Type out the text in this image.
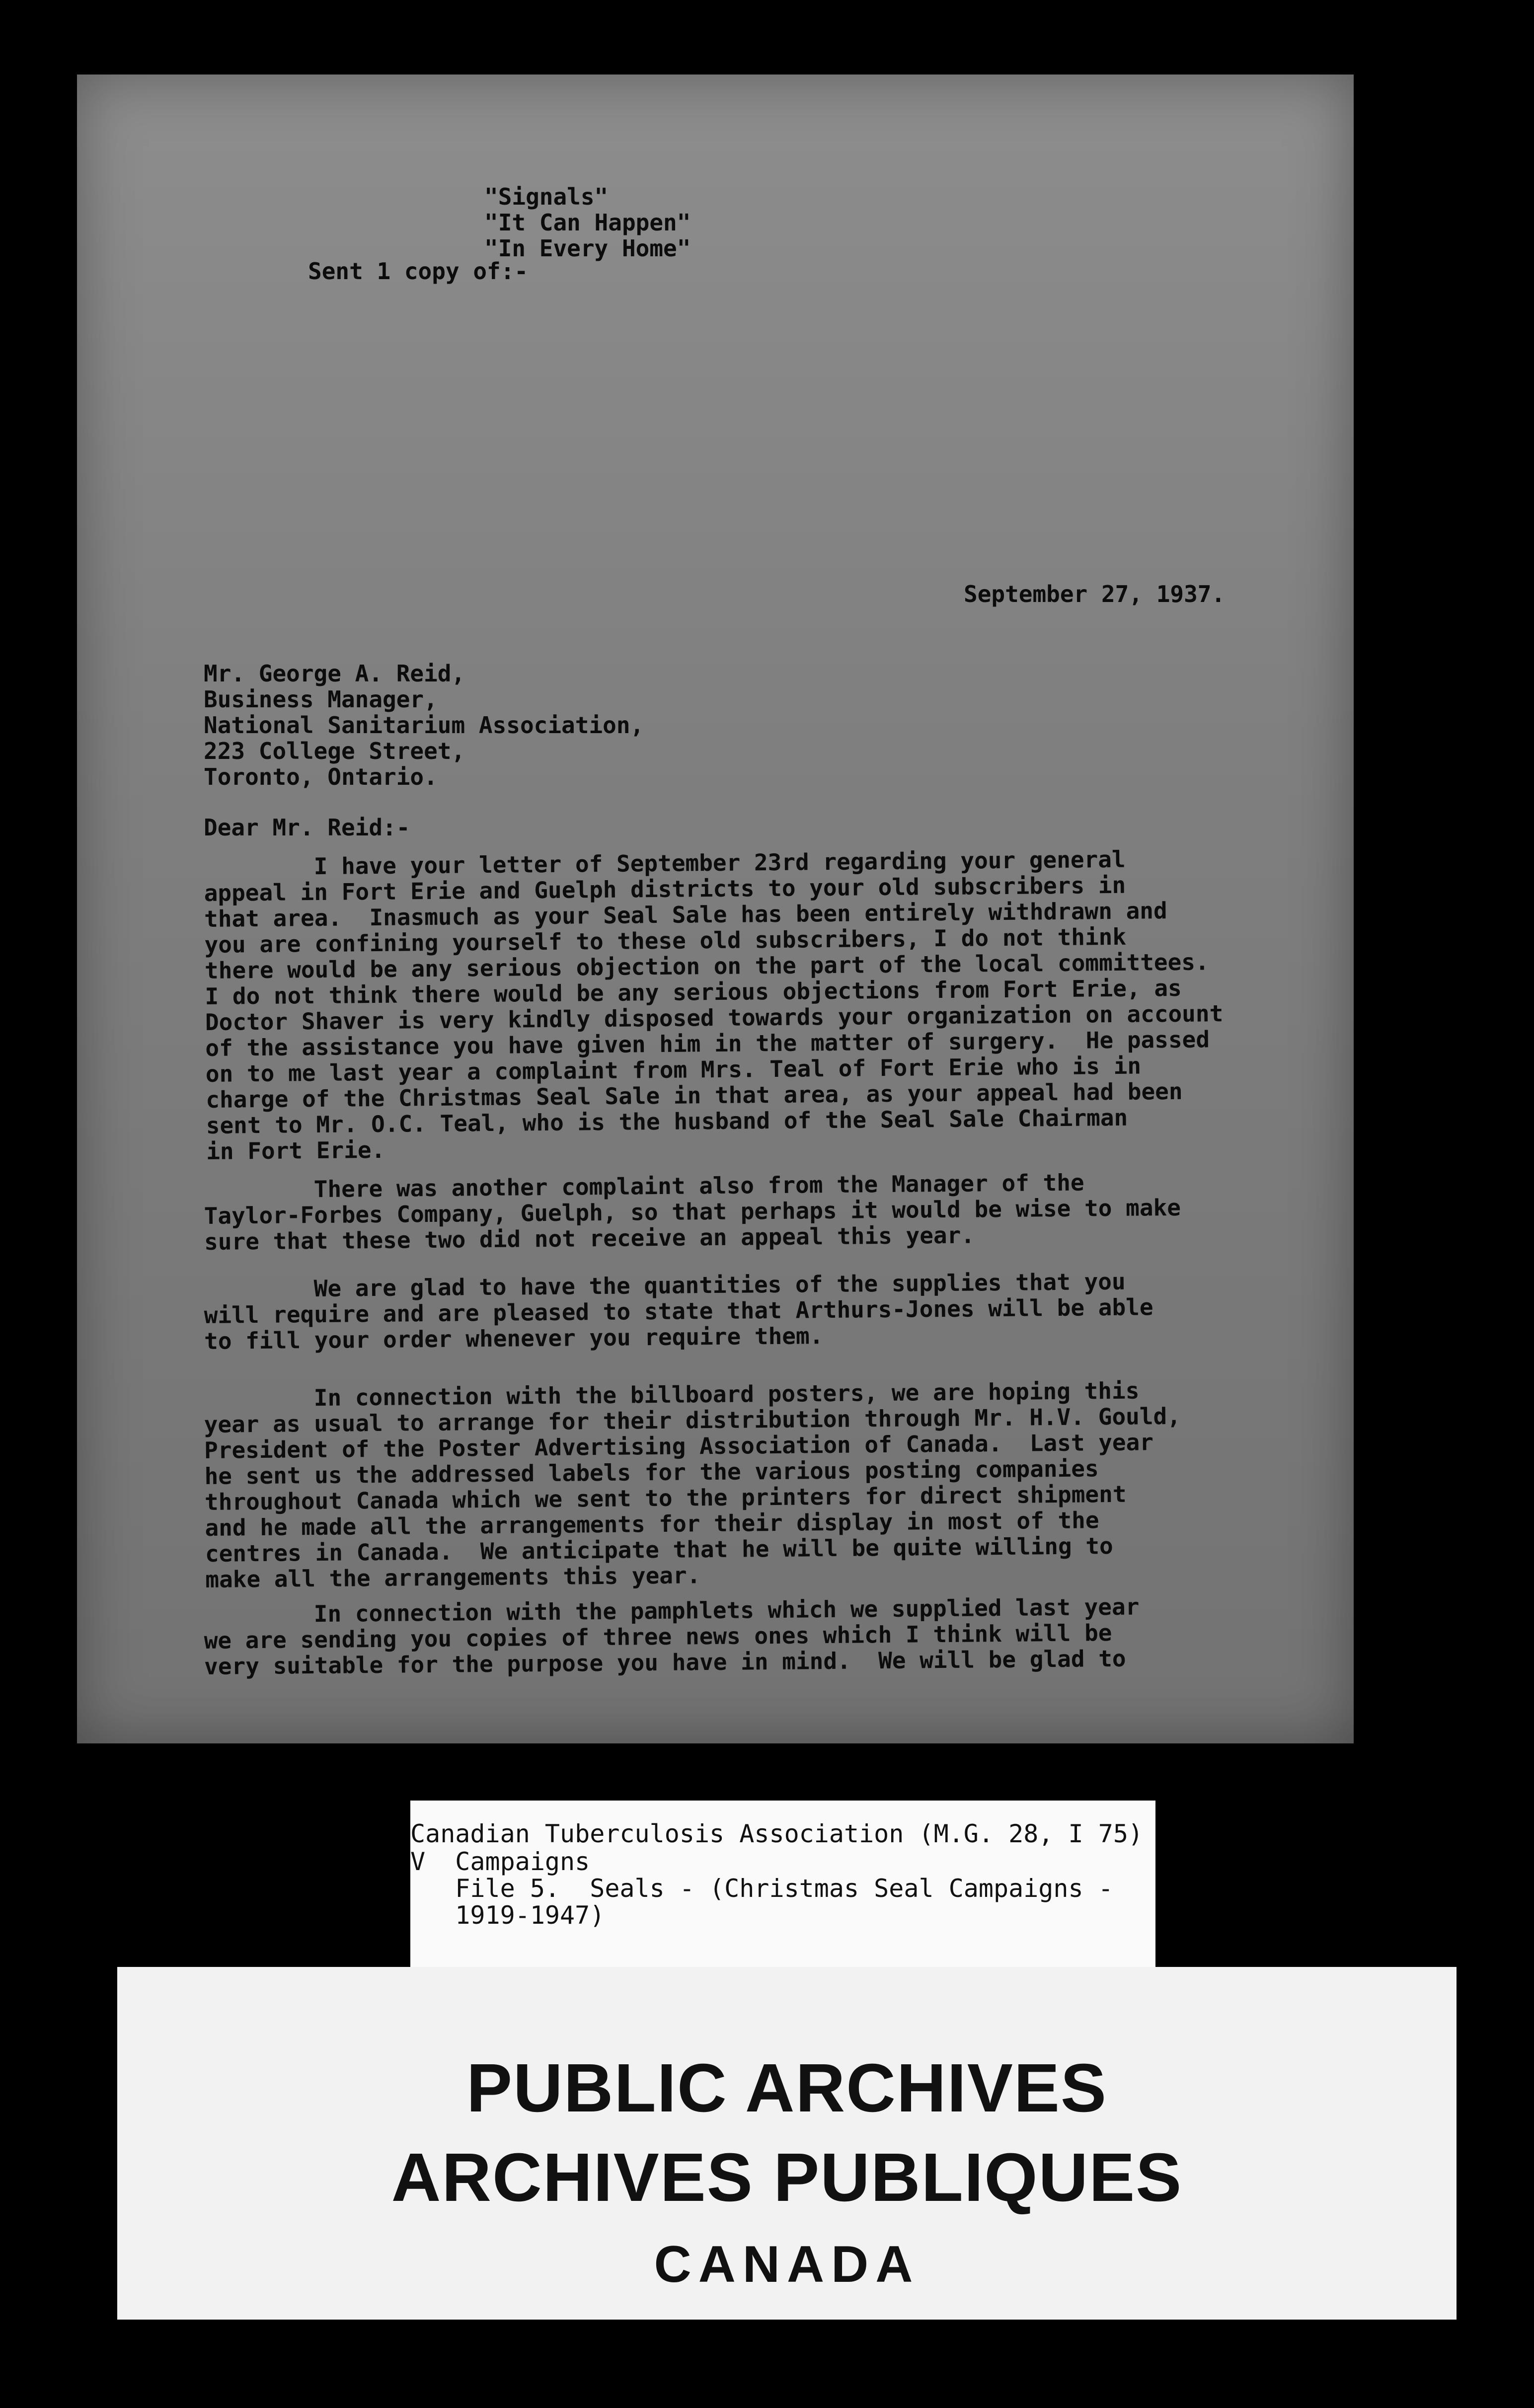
Sent 1 copy of:-
"Signals"
"It Can Happen"
"In Every Home"
September 27, 1937.
Mr. George A. Reid,
Business Manager,
National Sanitarium Association,
223 College Street,
Toronto, Ontario.
Dear Mr. Reid:-
I have your letter of September 23rd regarding your general
appeal in Fort Erie and Guelph districts to your old subscribers in
that area.  Inasmuch as your Seal Sale has been entirely withdrawn and
you are confining yourself to these old subscribers, I do not think
there would be any serious objection on the part of the local committees.
I do not think there would be any serious objections from Fort Erie, as
Doctor Shaver is very kindly disposed towards your organization on account
of the assistance you have given him in the matter of surgery.  He passed
on to me last year a complaint from Mrs. Teal of Fort Erie who is in
charge of the Christmas Seal Sale in that area, as your appeal had been
sent to Mr. O.C. Teal, who is the husband of the Seal Sale Chairman
in Fort Erie.
There was another complaint also from the Manager of the
Taylor-Forbes Company, Guelph, so that perhaps it would be wise to make
sure that these two did not receive an appeal this year.
We are glad to have the quantities of the supplies that you
will require and are pleased to state that Arthurs-Jones will be able
to fill your order whenever you require them.
In connection with the billboard posters, we are hoping this
year as usual to arrange for their distribution through Mr. H.V. Gould,
President of the Poster Advertising Association of Canada.  Last year
he sent us the addressed labels for the various posting companies
throughout Canada which we sent to the printers for direct shipment
and he made all the arrangements for their display in most of the
centres in Canada.  We anticipate that he will be quite willing to
make all the arrangements this year.
In connection with the pamphlets which we supplied last year
we are sending you copies of three news ones which I think will be
very suitable for the purpose you have in mind.  We will be glad to
Canadian Tuberculosis Association (M.G. 28, I 75)
V  Campaigns
File 5.  Seals - (Christmas Seal Campaigns -
1919-1947)
PUBLIC ARCHIVES
ARCHIVES PUBLIQUES
CANADA
